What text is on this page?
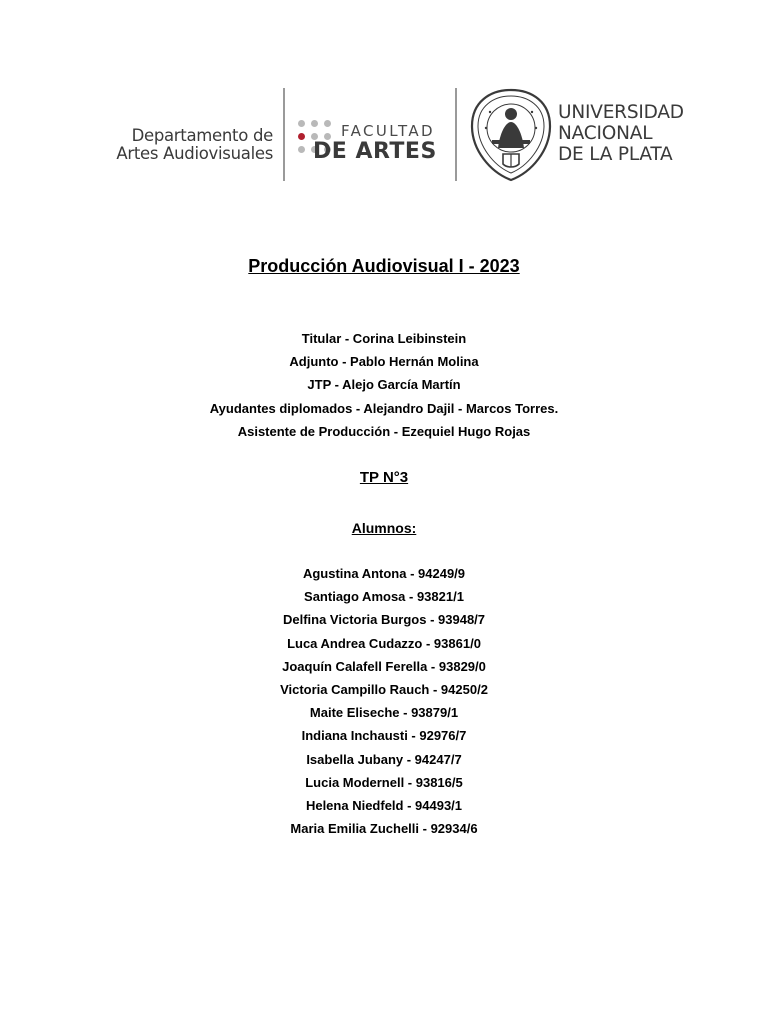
Departamento de
Artes Audiovisuales
FACULTAD
DE ARTES
UNIVERSIDAD
NACIONAL
DE LA PLATA
Producción Audiovisual I - 2023
Titular - Corina Leibinstein
Adjunto - Pablo Hernán Molina
JTP - Alejo García Martín
Ayudantes diplomados - Alejandro Dajil - Marcos Torres.
Asistente de Producción - Ezequiel Hugo Rojas
TP N°3
Alumnos:
Agustina Antona - 94249/9
Santiago Amosa - 93821/1
Delfina Victoria Burgos - 93948/7
Luca Andrea Cudazzo - 93861/0
Joaquín Calafell Ferella - 93829/0
Victoria Campillo Rauch - 94250/2
Maite Eliseche - 93879/1
Indiana Inchausti - 92976/7
Isabella Jubany - 94247/7
Lucia Modernell - 93816/5
Helena Niedfeld - 94493/1
Maria Emilia Zuchelli - 92934/6
